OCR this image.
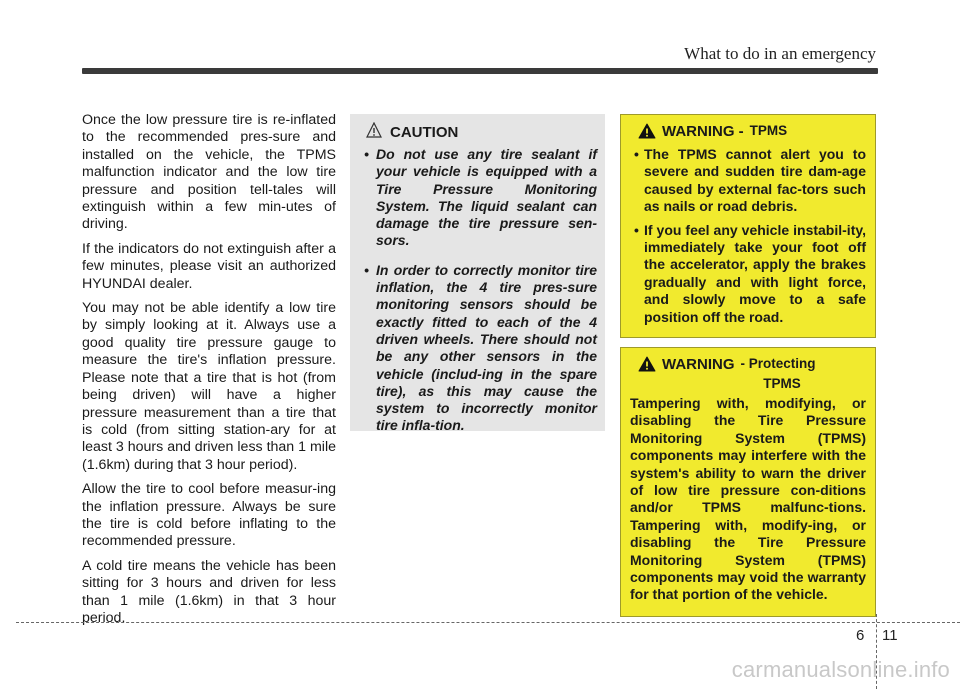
What to do in an emergency

Once the low pressure tire is re-inflated to the recommended pres-sure and installed on the vehicle, the TPMS malfunction indicator and the low tire pressure and position tell-tales will extinguish within a few min-utes of driving.

If the indicators do not extinguish after a few minutes, please visit an authorized HYUNDAI dealer.

You may not be able identify a low tire by simply looking at it. Always use a good quality tire pressure gauge to measure the tire's inflation pressure. Please note that a tire that is hot (from being driven) will have a higher pressure measurement than a tire that is cold (from sitting station-ary for at least 3 hours and driven less than 1 mile (1.6km) during that 3 hour period).

Allow the tire to cool before measur-ing the inflation pressure. Always be sure the tire is cold before inflating to the recommended pressure.

A cold tire means the vehicle has been sitting for 3 hours and driven for less than 1 mile (1.6km) in that 3 hour period.

CAUTION
• Do not use any tire sealant if your vehicle is equipped with a Tire Pressure Monitoring System. The liquid sealant can damage the tire pressure sen-sors.
• In order to correctly monitor tire inflation, the 4 tire pres-sure monitoring sensors should be exactly fitted to each of the 4 driven wheels. There should not be any other sensors in the vehicle (includ-ing in the spare tire), as this may cause the system to incorrectly monitor tire infla-tion.
WARNING - TPMS
• The TPMS cannot alert you to severe and sudden tire dam-age caused by external fac-tors such as nails or road debris.
• If you feel any vehicle instabil-ity, immediately take your foot off the accelerator, apply the brakes gradually and with light force, and slowly move to a safe position off the road.
WARNING - Protecting
TPMS

Tampering with, modifying, or disabling the Tire Pressure Monitoring System (TPMS) components may interfere with the system's ability to warn the driver of low tire pressure con-ditions and/or TPMS malfunc-tions. Tampering with, modify-ing, or disabling the Tire Pressure Monitoring System (TPMS) components may void the warranty for that portion of the vehicle.

6 11
carmanualsonline.info
